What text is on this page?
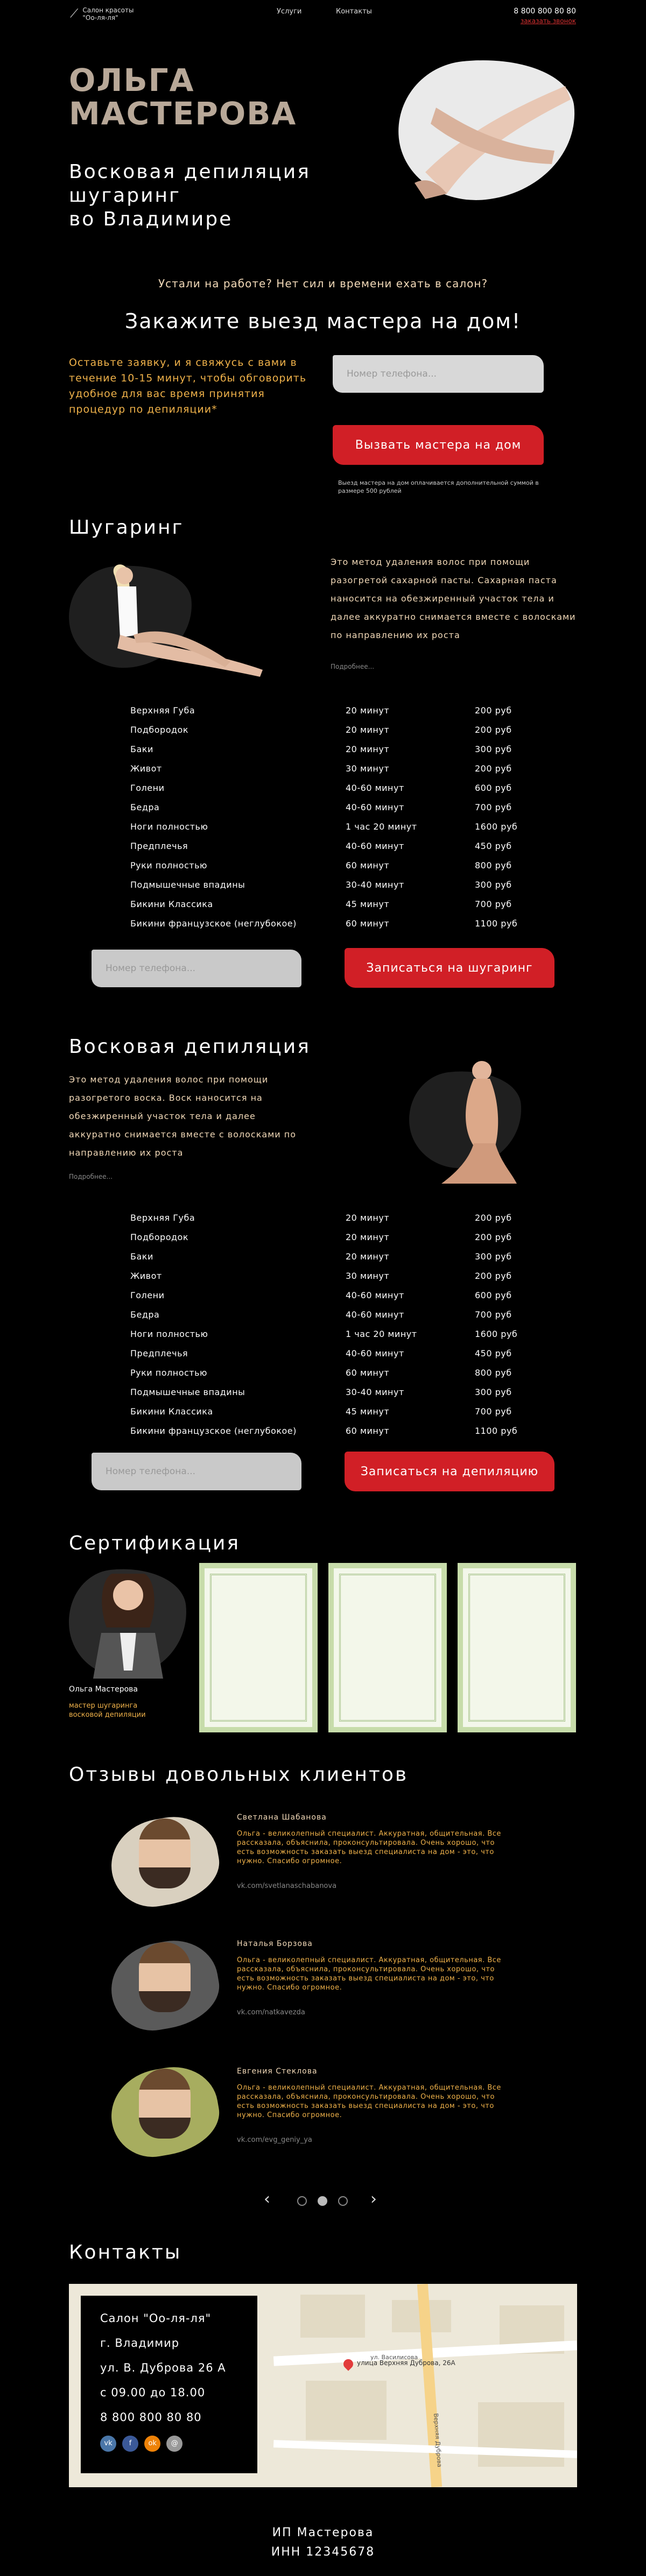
⟋ Салон красоты
"Оо-ля-ля"
Услуги	Контакты	8 800 800 80 80
заказать звонок
ОЛЬГА
МАСТЕРОВА
Восковая депиляция
шугаринг
во Владимире
Устали на работе? Нет сил и времени ехать в салон?
Закажите выезд мастера на дом!
Оставьте заявку, и я свяжусь с вами в течение 10-15 минут, чтобы обговорить удобное для вас время принятия процедур по депиляции*
Номер телефона...
Вызвать мастера на дом
Выезд мастера на дом оплачивается дополнительной суммой в размере 500 рублей
Шугаринг
Это метод удаления волос при помощи разогретой сахарной пасты. Сахарная паста наносится на обезжиренный участок тела и далее аккуратно снимается вместе с волосками по направлению их роста
Подробнее...
Верхняя Губа	20 минут	200 руб
Подбородок	20 минут	200 руб
Баки	20 минут	300 руб
Живот	30 минут	200 руб
Голени	40-60 минут	600 руб
Бедра	40-60 минут	700 руб
Ноги полностью	1 час 20 минут	1600 руб
Предплечья	40-60 минут	450 руб
Руки полностью	60 минут	800 руб
Подмышечные впадины	30-40 минут	300 руб
Бикини Классика	45 минут	700 руб
Бикини французское (неглубокое)	60 минут	1100 руб
Номер телефона...	Записаться на шугаринг
Восковая депиляция
Это метод удаления волос при помощи разогретого воска. Воск наносится на обезжиренный участок тела и далее аккуратно снимается вместе с волосками по направлению их роста
Подробнее...
Верхняя Губа	20 минут	200 руб
Подбородок	20 минут	200 руб
Баки	20 минут	300 руб
Живот	30 минут	200 руб
Голени	40-60 минут	600 руб
Бедра	40-60 минут	700 руб
Ноги полностью	1 час 20 минут	1600 руб
Предплечья	40-60 минут	450 руб
Руки полностью	60 минут	800 руб
Подмышечные впадины	30-40 минут	300 руб
Бикини Классика	45 минут	700 руб
Бикини французское (неглубокое)	60 минут	1100 руб
Номер телефона...	Записаться на депиляцию
Сертификация
Ольга Мастерова
мастер шугаринга
восковой депиляции
Отзывы довольных клиентов
Светлана Шабанова
Ольга - великолепный специалист. Аккуратная, общительная. Все рассказала, объяснила, проконсультировала. Очень хорошо, что есть возможность заказать выезд специалиста на дом - это, что нужно. Спасибо огромное.
vk.com/svetlanaschabanova
Наталья Борзова
Ольга - великолепный специалист. Аккуратная, общительная. Все рассказала, объяснила, проконсультировала. Очень хорошо, что есть возможность заказать выезд специалиста на дом - это, что нужно. Спасибо огромное.
vk.com/natkavezda
Евгения Стеклова
Ольга - великолепный специалист. Аккуратная, общительная. Все рассказала, объяснила, проконсультировала. Очень хорошо, что есть возможность заказать выезд специалиста на дом - это, что нужно. Спасибо огромное.
vk.com/evg_geniy_ya
‹	›
Контакты
ул. Василисова
Верхняя Дуброва
улица Верхняя Дуброва, 26А
Салон "Оо-ля-ля"
г. Владимир
ул. В. Дуброва 26 А
с 09.00 до 18.00
8 800 800 80 80
vk f ok @
ИП Мастерова
ИНН 12345678
